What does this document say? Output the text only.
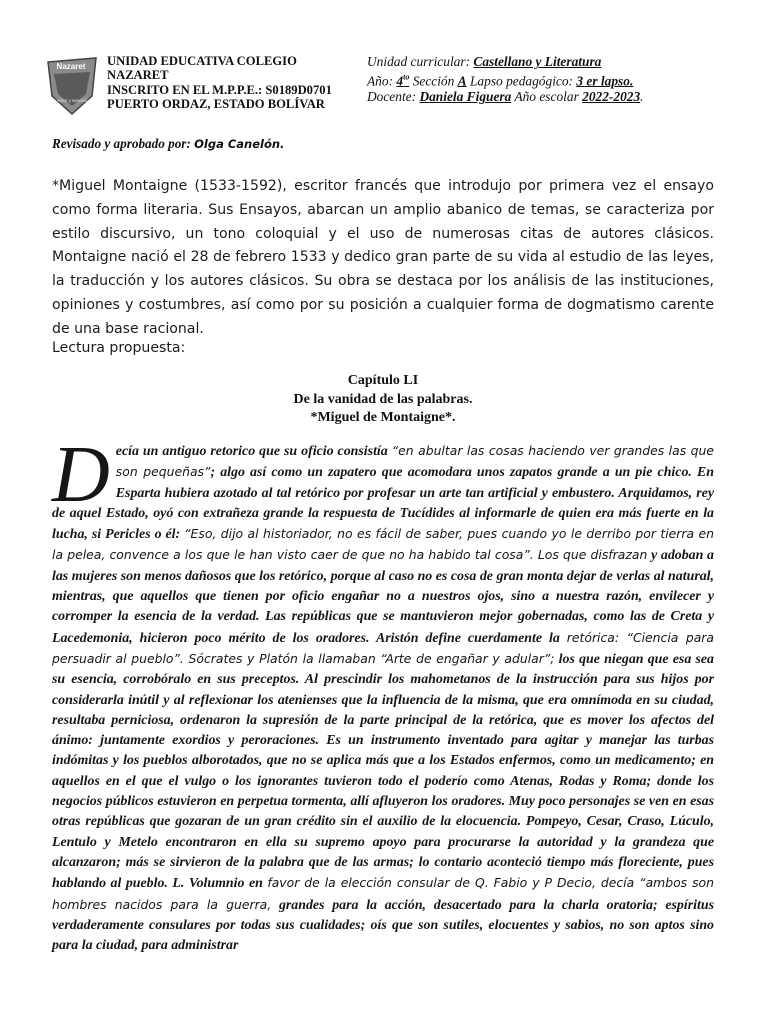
Nazaret
Amor y servicio
UNIDAD EDUCATIVA COLEGIO
NAZARET
INSCRITO EN EL M.P.P.E.: S0189D0701
PUERTO ORDAZ, ESTADO BOLÍVAR
Unidad curricular: Castellano y Literatura
Año: $4^{to}$ Sección A Lapso pedagógico: 3 er lapso.
Docente: Daniela Figuera Año escolar 2022-2023.
Revisado y aprobado por: Olga Canelón.

*Miguel Montaigne (1533-1592), escritor francés que introdujo por primera vez el ensayo como forma literaria. Sus Ensayos, abarcan un amplio abanico de temas, se caracteriza por estilo discursivo, un tono coloquial y el uso de numerosas citas de autores clásicos. Montaigne nació el 28 de febrero 1533 y dedico gran parte de su vida al estudio de las leyes, la traducción y los autores clásicos. Su obra se destaca por los análisis de las instituciones, opiniones y costumbres, así como por su posición a cualquier forma de dogmatismo carente de una base racional.

Lectura propuesta:
Capítulo LI
De la vanidad de las palabras.
*Miguel de Montaigne*.
Decía un antiguo retorico que su oficio consistía “en abultar las cosas haciendo ver grandes las que son pequeñas”; algo así como un zapatero que acomodara unos zapatos grande a un pie chico. En Esparta hubiera azotado al tal retórico por profesar un arte tan artificial y embustero. Arquidamos, rey de aquel Estado, oyó con extrañeza grande la respuesta de Tucídides al informarle de quien era más fuerte en la lucha, si Pericles o él: “Eso, dijo al historiador, no es fácil de saber, pues cuando yo le derribo por tierra en la pelea, convence a los que le han visto caer de que no ha habido tal cosa”. Los que disfrazan y adoban a las mujeres son menos dañosos que los retórico, porque al caso no es cosa de gran monta dejar de verlas al natural, mientras, que aquellos que tienen por oficio engañar no a nuestros ojos, sino a nuestra razón, envilecer y corromper la esencia de la verdad. Las repúblicas que se mantuvieron mejor gobernadas, como las de Creta y Lacedemonia, hicieron poco mérito de los oradores. Aristón define cuerdamente la retórica: “Ciencia para persuadir al pueblo”. Sócrates y Platón la llamaban “Arte de engañar y adular”; los que niegan que esa sea su esencia, corrobóralo en sus preceptos. Al prescindir los mahometanos de la instrucción para sus hijos por considerarla inútil y al reflexionar los atenienses que la influencia de la misma, que era omnímoda en su ciudad, resultaba perniciosa, ordenaron la supresión de la parte principal de la retórica, que es mover los afectos del ánimo: juntamente exordios y peroraciones. Es un instrumento inventado para agitar y manejar las turbas indómitas y los pueblos alborotados, que no se aplica más que a los Estados enfermos, como un medicamento; en aquellos en el que el vulgo o los ignorantes tuvieron todo el poderío como Atenas, Rodas y Roma; donde los negocios públicos estuvieron en perpetua tormenta, allí afluyeron los oradores. Muy poco personajes se ven en esas otras repúblicas que gozaran de un gran crédito sin el auxilio de la elocuencia. Pompeyo, Cesar, Craso, Lúculo, Lentulo y Metelo encontraron en ella su supremo apoyo para procurarse la autoridad y la grandeza que alcanzaron; más se sirvieron de la palabra que de las armas; lo contario aconteció tiempo más floreciente, pues hablando al pueblo. L. Volumnio en favor de la elección consular de Q. Fabio y P Decio, decía “ambos son hombres nacidos para la guerra, grandes para la acción, desacertado para la charla oratoria; espíritus verdaderamente consulares por todas sus cualidades; oís que son sutiles, elocuentes y sabios, no son aptos sino para la ciudad, para administrar
